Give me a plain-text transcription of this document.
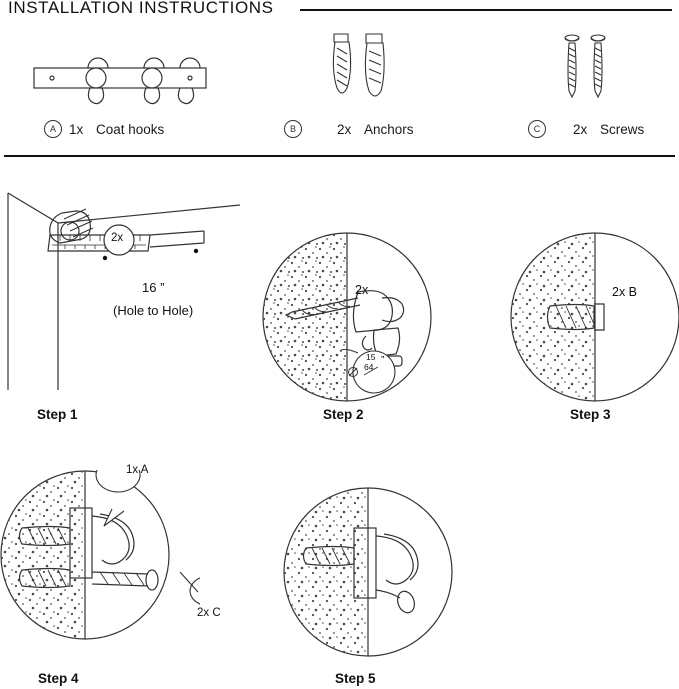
INSTALLATION INSTRUCTIONS
A 1x Coat hooks	B	2x Anchors	C	2x Screws
2x
16 ”
(Hole to Hole)
Step 1
2x
15
64
”
Step 2
2x B
Step 3
1x A
2x C
Step 4	Step 5
